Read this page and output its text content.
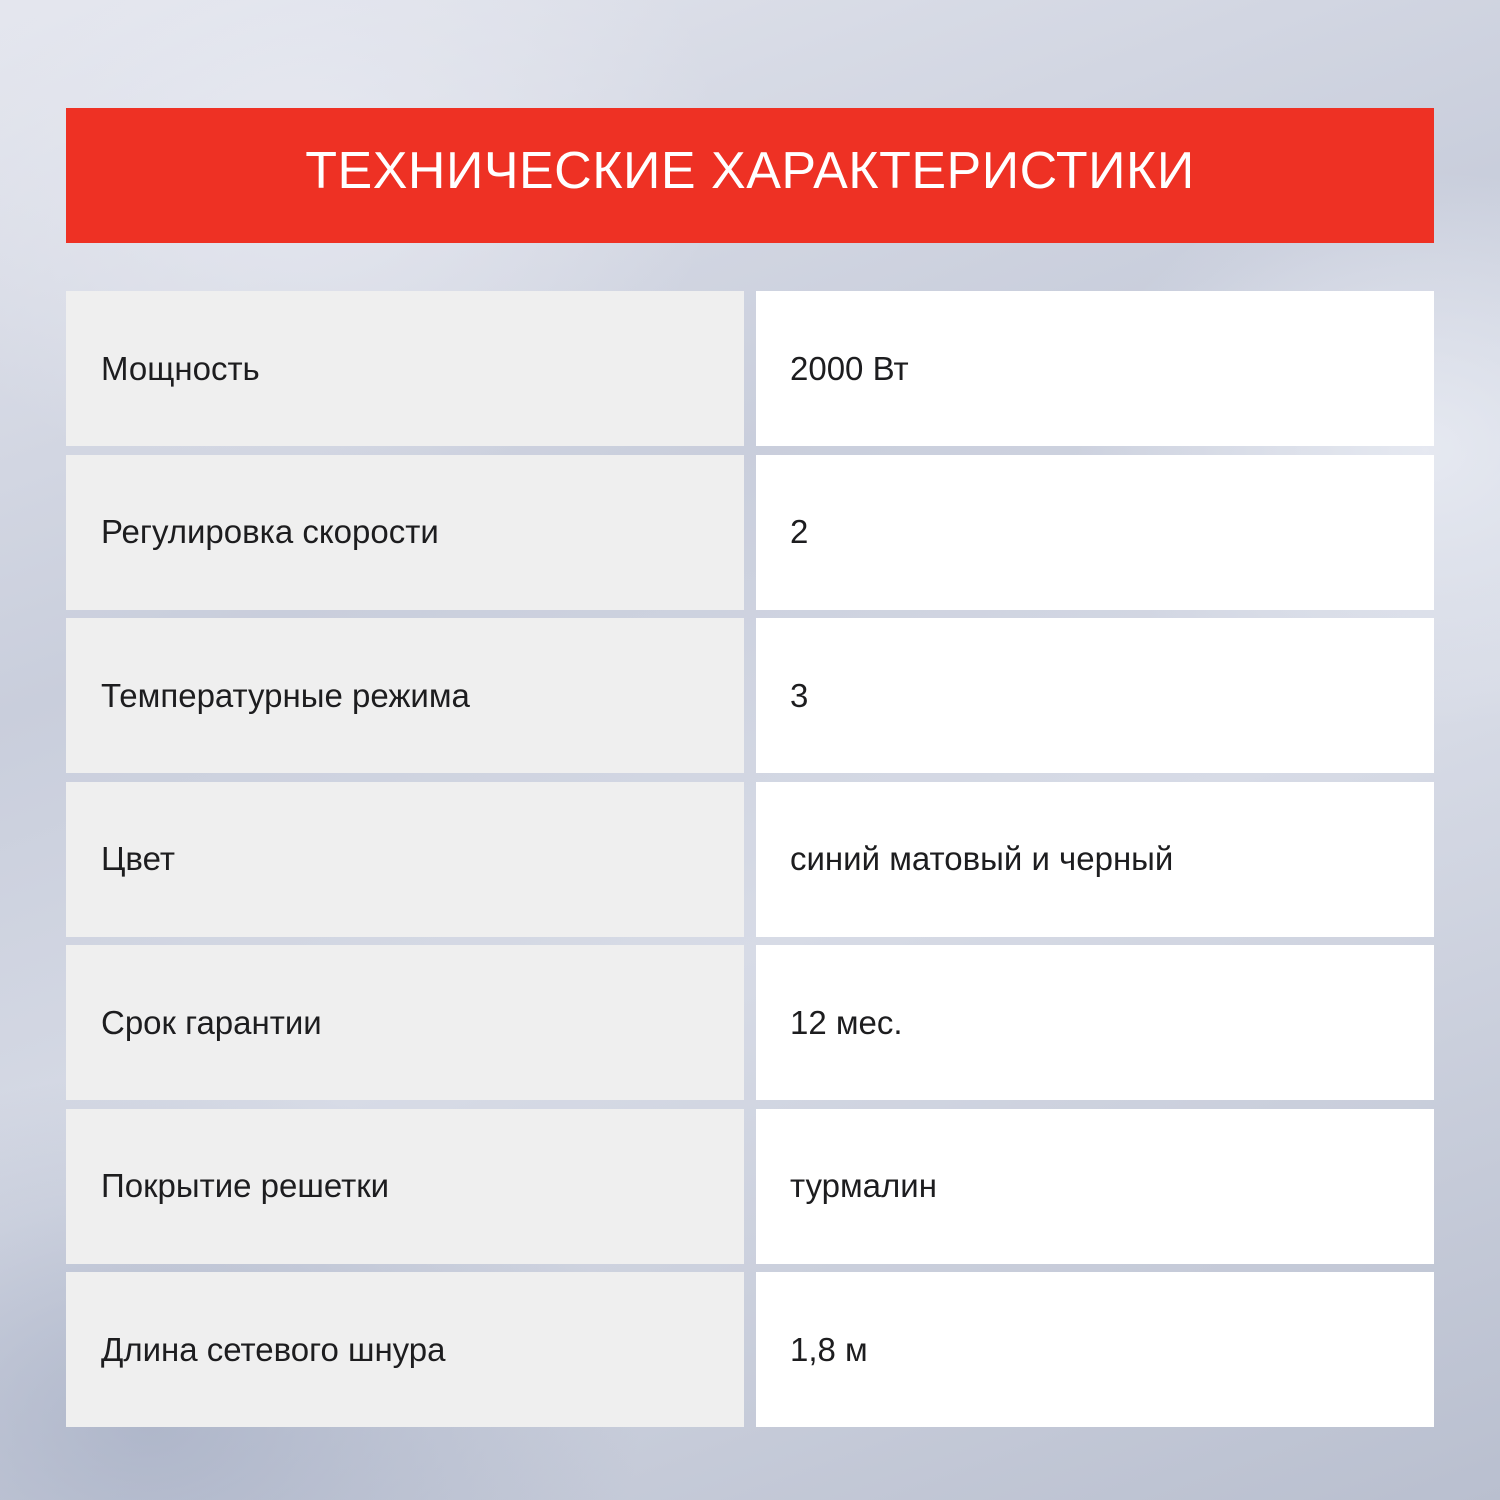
ТЕХНИЧЕСКИЕ ХАРАКТЕРИСТИКИ
Мощность	2000 Вт
Регулировка скорости	2
Температурные режима	3
Цвет	синий матовый и черный
Срок гарантии	12 мес.
Покрытие решетки	турмалин
Длина сетевого шнура	1,8 м
